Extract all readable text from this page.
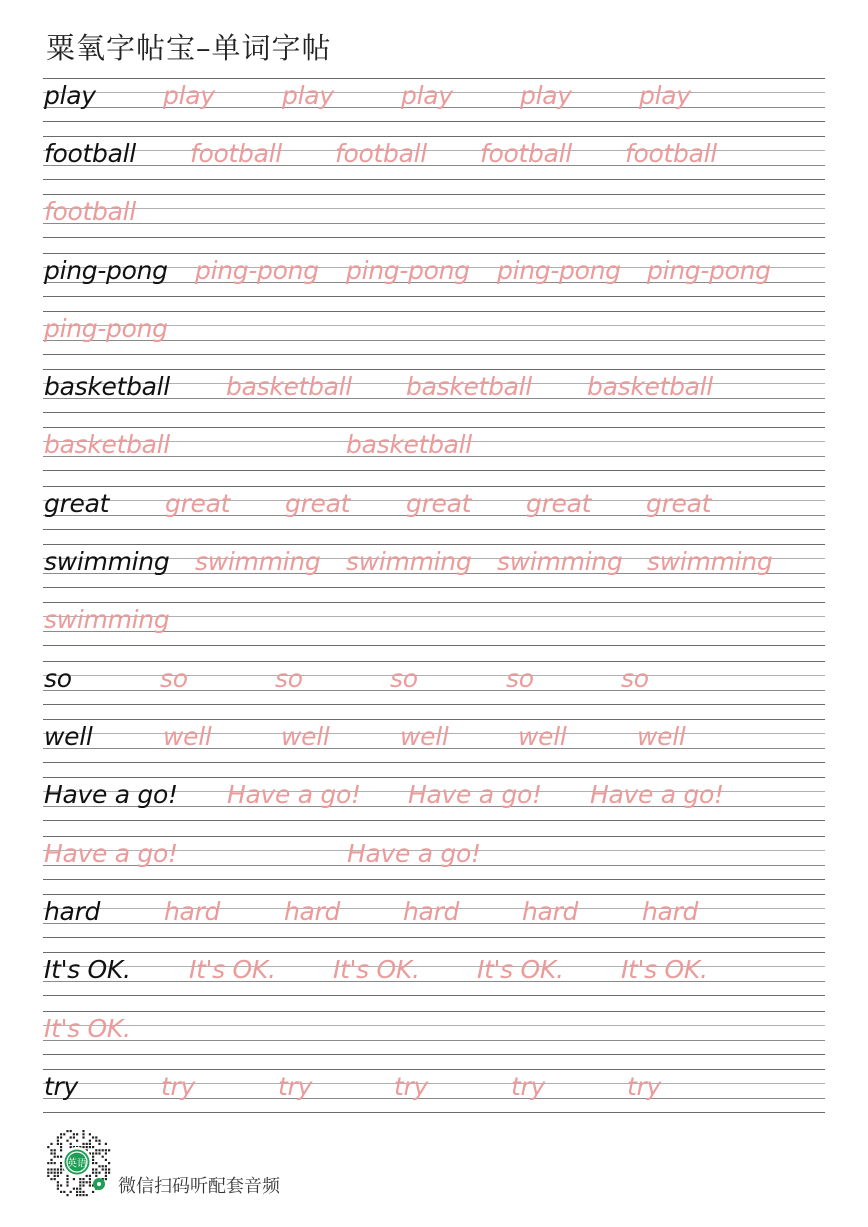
粟氧字帖宝–单词字帖
play	play	play	play	play	play
football football football football football
football
ping-pong ping-pong ping-pong ping-pong ping-pong
ping-pong
basketball basketball basketball basketball
basketball	basketball
great great great great great great
swimming swimming swimming swimming swimming
swimming
so	so	so	so	so	so
well	well	well	well	well	well
Have a go! Have a go! Have a go! Have a go!
Have a go!	Have a go!
hard	hard	hard	hard	hard	hard
It's OK. It's OK. It's OK. It's OK. It's OK.
It's OK.
try	try	try	try	try	try
英语
微信扫码听配套音频
